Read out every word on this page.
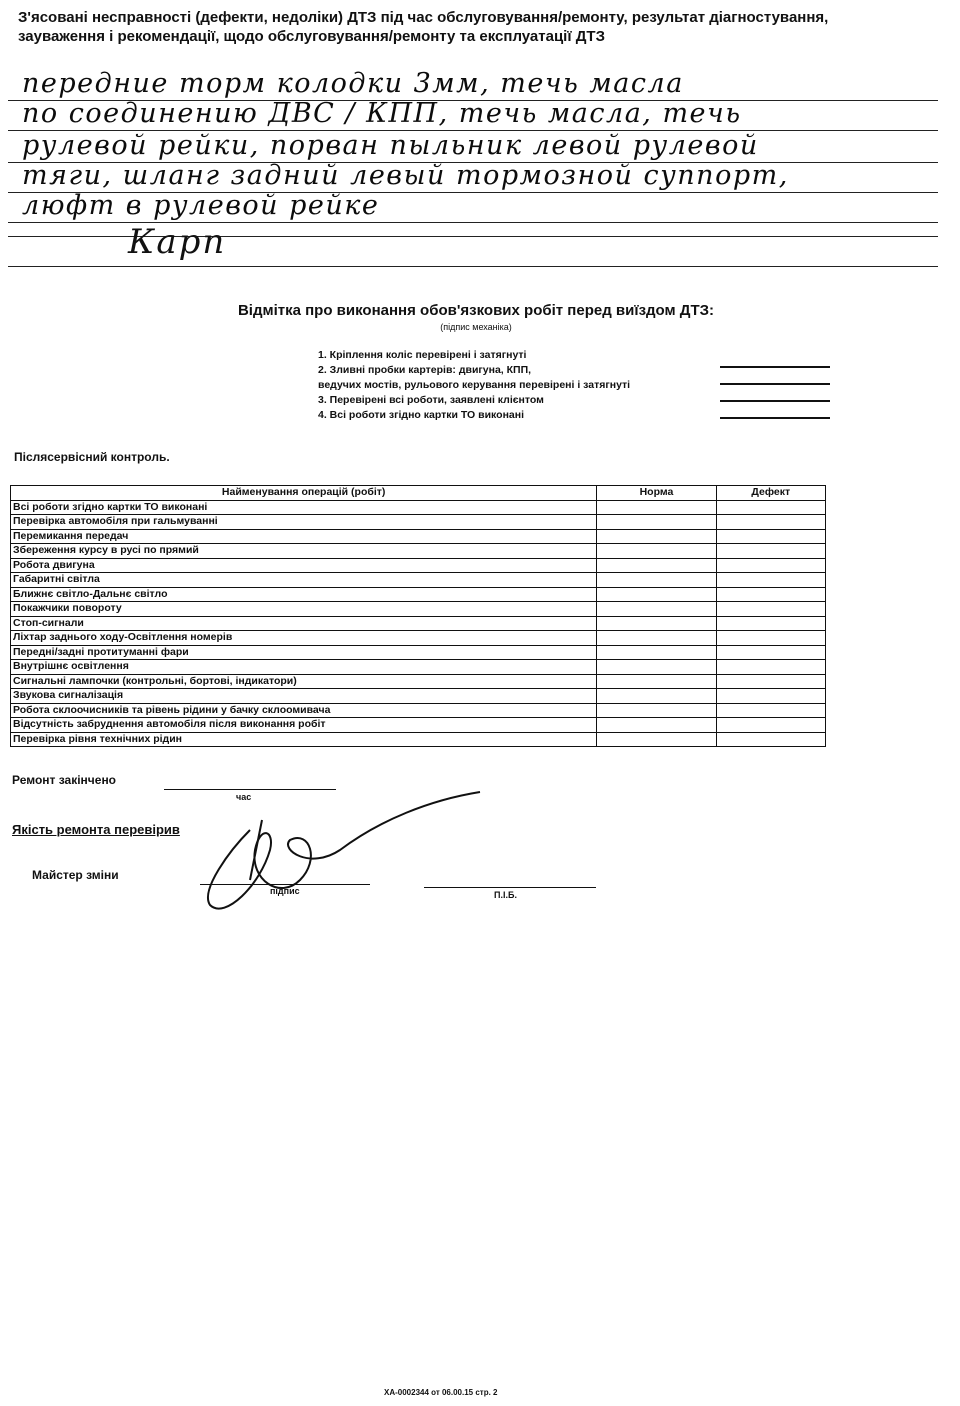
З'ясовані несправності (дефекти, недоліки) ДТЗ під час обслуговування/ремонту, результат діагностування, зауваження і рекомендації, щодо обслуговування/ремонту та експлуатації ДТЗ
передние торм колодки 3мм, течь масла
по соединению ДВС / КПП, течь масла, течь
рулевой рейки, порван пыльник левой рулевой
тяги, шланг задний левый тормозной суппорт,
люфт в рулевой рейке
Карп
Відмітка про виконання обов'язкових робіт перед виїздом ДТЗ:
(підпис механіка)
1. Кріплення коліс перевірені і затягнуті
2. Зливні пробки картерів: двигуна, КПП,
ведучих мостів, рульового керування перевірені і затягнуті
3. Перевірені всі роботи, заявлені клієнтом
4. Всі роботи згідно картки ТО виконані
Післясервісний контроль.
Найменування операцій (робіт)	Норма	Дефект
Всі роботи згідно картки ТО виконані		
Перевірка автомобіля при гальмуванні		
Перемикання передач		
Збереження курсу в русі по прямий		
Робота двигуна		
Габаритні світла		
Ближнє світло-Дальнє світло		
Покажчики повороту		
Стоп-сигнали		
Ліхтар заднього ходу-Освітлення номерів		
Передні/задні протитуманні фари		
Внутрішнє освітлення		
Сигнальні лампочки (контрольні, бортові, індикатори)		
Звукова сигналізація		
Робота склоочисників та рівень рідини у бачку склоомивача		
Відсутність забруднення автомобіля після виконання робіт		
Перевірка рівня технічних рідин		
Ремонт закінчено
час
Якість ремонта перевірив
Майстер зміни
підпис	П.І.Б.
ХА-0002344 от 06.00.15 стр. 2
